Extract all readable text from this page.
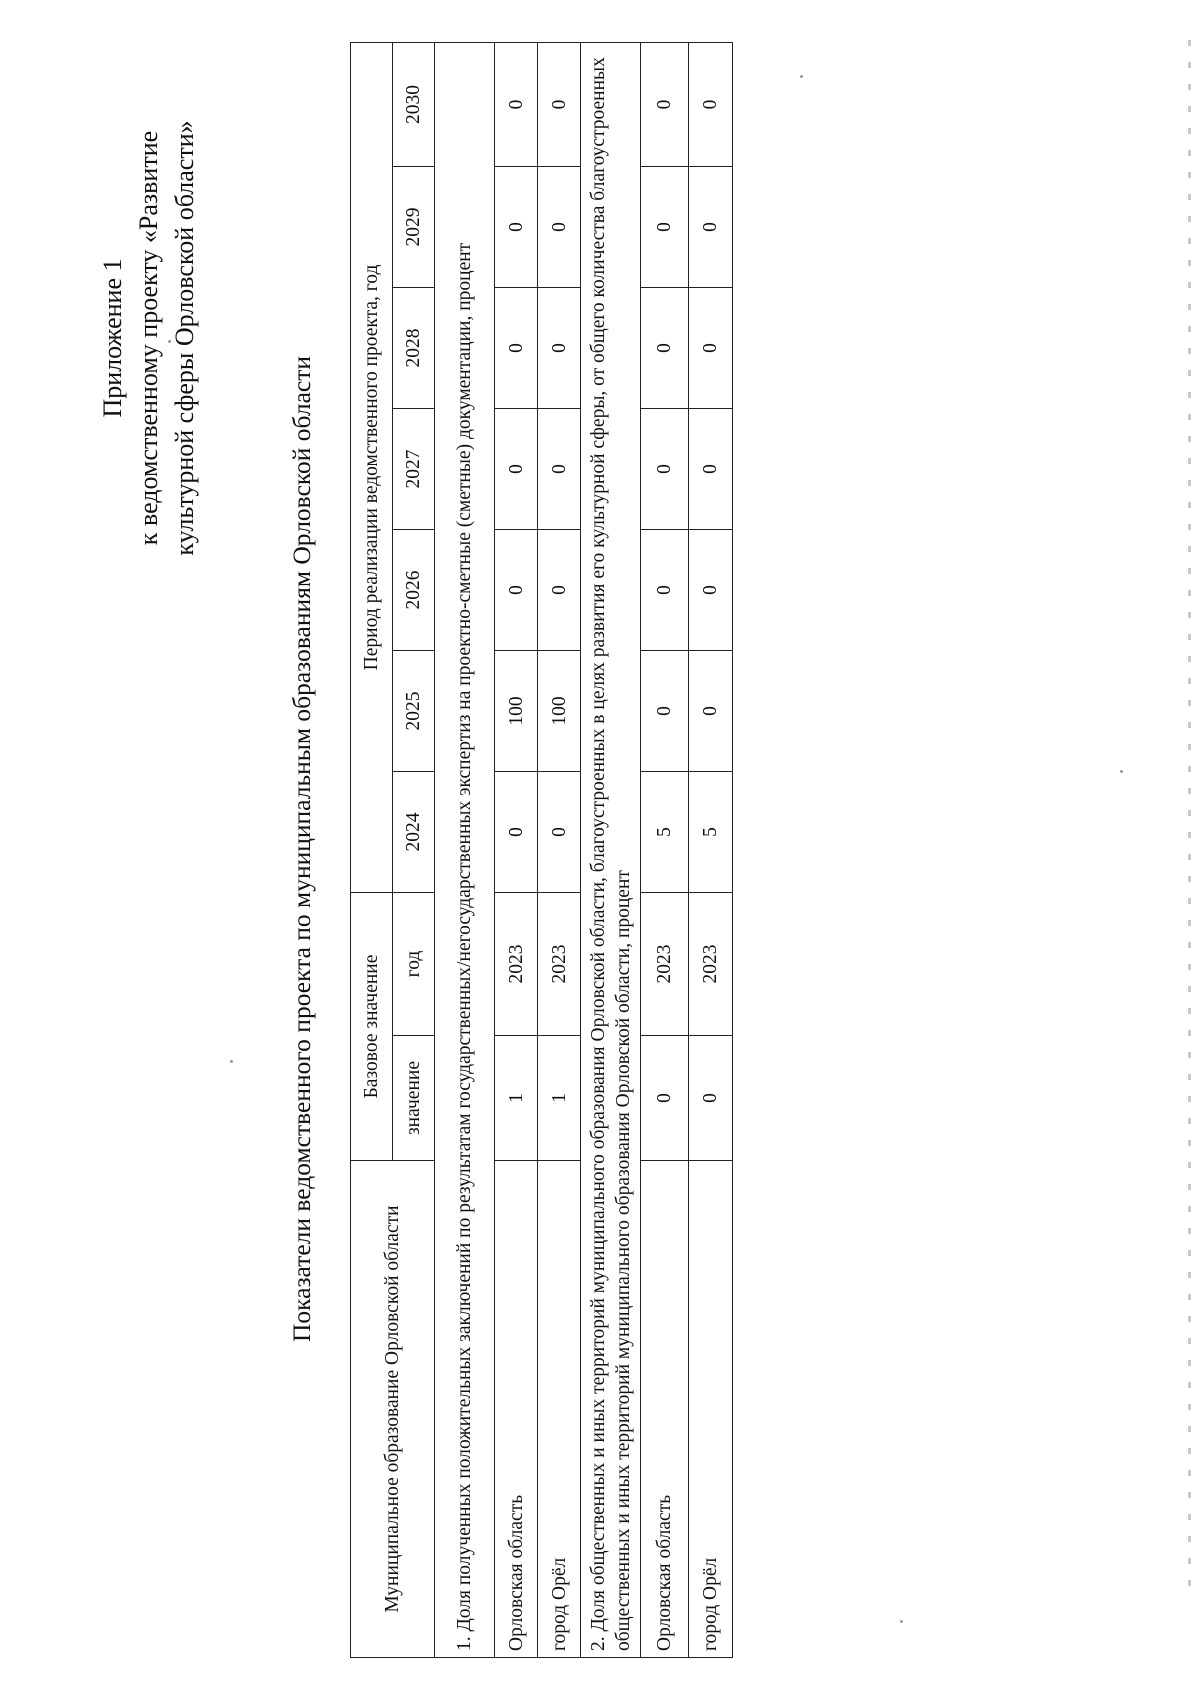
Приложение 1 к ведомственному проекту «Развитие культурной сферы Орловской области»
Показатели ведомственного проекта по муниципальным образованиям Орловской области
Муниципальное образование Орловской области	Базовое значение		Период реализации ведомственного проекта, год						
	значение	год	2024	2025	2026	2027	2028	2029	2030
1. Доля полученных положительных заключений по результатам государственных/негосударственных экспертиз на проектно-сметные (сметные) документации, процент									
Орловская область	1	2023	0	100	0	0	0	0	0
город Орёл	1	2023	0	100	0	0	0	0	0
2. Доля общественных и иных территорий муниципального образования Орловской области, благоустроенных в целях развития его культурной сферы, от общего количества благоустроенных общественных и иных территорий муниципального образования Орловской области, процент									
Орловская область	0	2023	5	0	0	0	0	0	0
город Орёл	0	2023	5	0	0	0	0	0	0
